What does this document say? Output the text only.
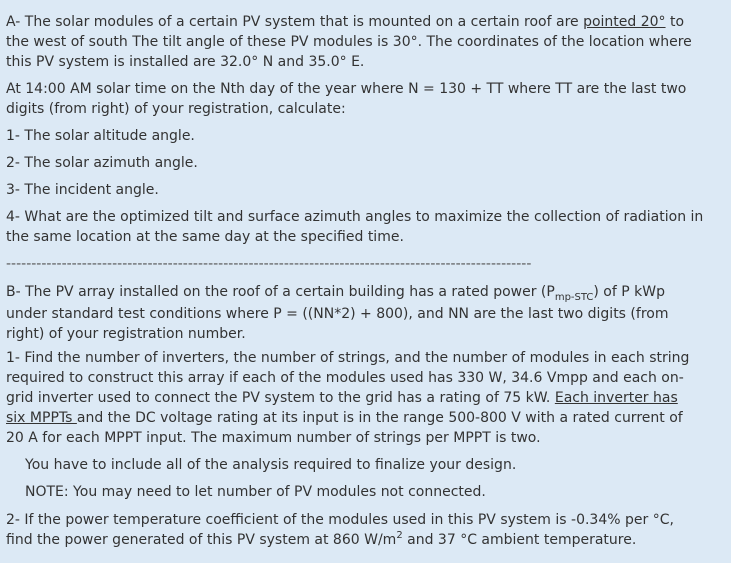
A- The solar modules of a certain PV system that is mounted on a certain roof are pointed 20° to
the west of south The tilt angle of these PV modules is 30°. The coordinates of the location where
this PV system is installed are 32.0° N and 35.0° E.

At 14:00 AM solar time on the Nth day of the year where N = 130 + TT where TT are the last two
digits (from right) of your registration, calculate:

1- The solar altitude angle.

2- The solar azimuth angle.

3- The incident angle.

4- What are the optimized tilt and surface azimuth angles to maximize the collection of radiation in
the same location at the same day at the specified time.

--------------------------------------------------------------------------------------------------------

B- The PV array installed on the roof of a certain building has a rated power $(P_{mp-STC})$ of P kWp
under standard test conditions where P = ((NN*2) + 800), and NN are the last two digits (from
right) of your registration number.

1- Find the number of inverters, the number of strings, and the number of modules in each string
required to construct this array if each of the modules used has 330 W, 34.6 Vmpp and each on-
grid inverter used to connect the PV system to the grid has a rating of 75 kW. Each inverter has
six MPPTs and the DC voltage rating at its input is in the range 500-800 V with a rated current of
20 A for each MPPT input. The maximum number of strings per MPPT is two.

You have to include all of the analysis required to finalize your design.

NOTE: You may need to let number of PV modules not connected.

2- If the power temperature coefficient of the modules used in this PV system is -0.34% per °C,
find the power generated of this PV system at 860 $W/m^2$ and 37 °C ambient temperature.
